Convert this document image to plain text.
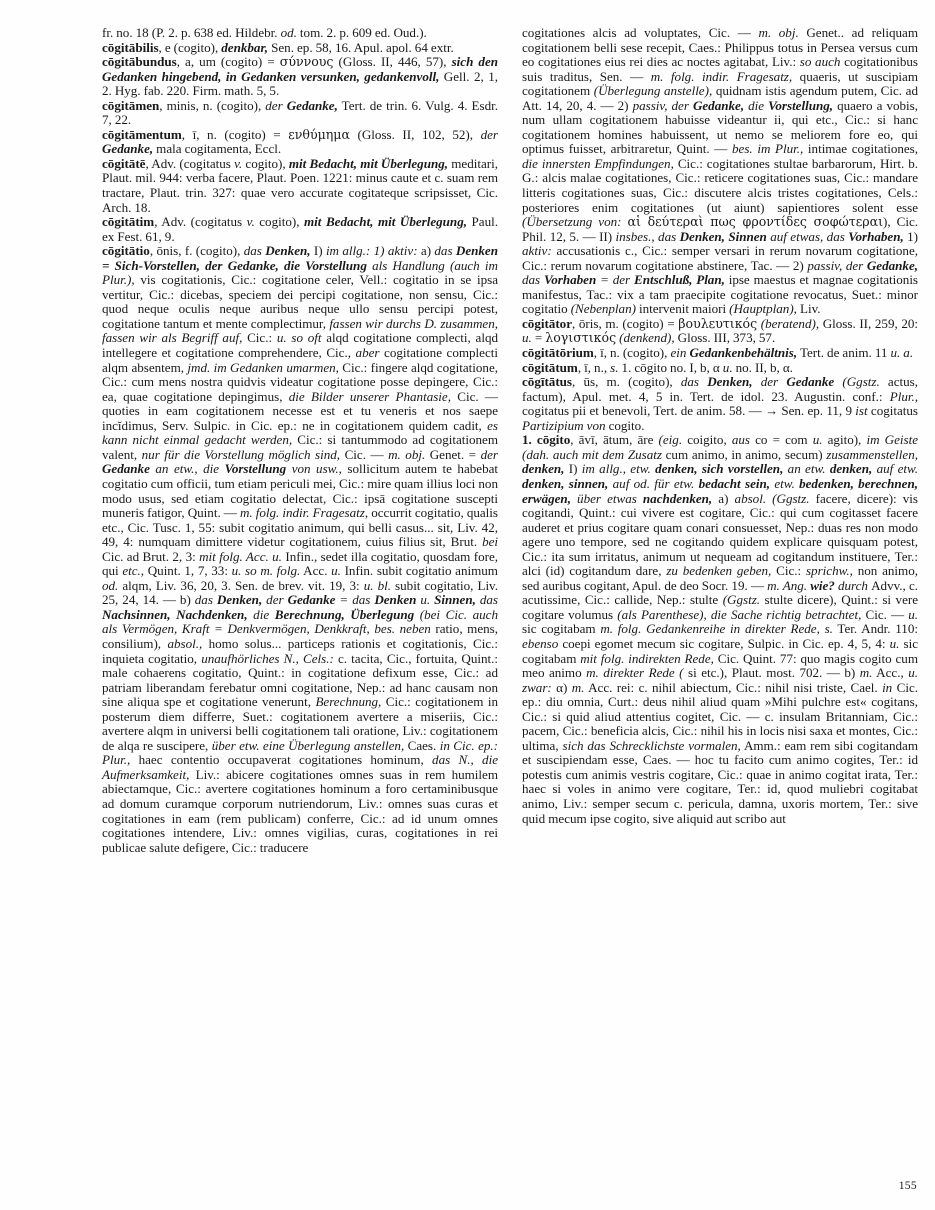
fr. no. 18 (P. 2. p. 638 ed. Hildebr. od. tom. 2. p. 609 ed. Oud.).

cōgitābilis, e (cogito), denkbar, Sen. ep. 58, 16. Apul. apol. 64 extr.

cōgitābundus, a, um (cogito) = σύννους (Gloss. II, 446, 57), sich den Gedanken hingebend, in Gedanken versunken, gedankenvoll, Gell. 2, 1, 2. Hyg. fab. 220. Firm. math. 5, 5.

cōgitāmen, minis, n. (cogito), der Gedanke, Tert. de trin. 6. Vulg. 4. Esdr. 7, 22.

cōgitāmentum, ī, n. (cogito) = ενθύμημα (Gloss. II, 102, 52), der Gedanke, mala cogitamenta, Eccl.

cōgitātē, Adv. (cogitatus v. cogito), mit Bedacht, mit Überlegung, meditari, Plaut. mil. 944: verba facere, Plaut. Poen. 1221: minus caute et c. suam rem tractare, Plaut. trin. 327: quae vero accurate cogitateque scripsisset, Cic. Arch. 18.

cōgitātim, Adv. (cogitatus v. cogito), mit Bedacht, mit Überlegung, Paul. ex Fest. 61, 9.

cōgitātio, ōnis, f. (cogito), das Denken, I) im allg.: 1) aktiv: a) das Denken = Sich-Vorstellen, der Gedanke, die Vorstellung als Handlung (auch im Plur.), vis cogitationis, Cic.: cogitatione celer, Vell.: cogitatio in se ipsa vertitur, Cic.: dicebas, speciem dei percipi cogitatione, non sensu, Cic.: quod neque oculis neque auribus neque ullo sensu percipi potest, cogitatione tantum et mente complectimur, fassen wir durchs D. zusammen, fassen wir als Begriff auf, Cic.: u. so oft alqd cogitatione complecti, alqd intellegere et cogitatione comprehendere, Cic., aber cogitatione complecti alqm absentem, jmd. im Gedanken umarmen, Cic.: fingere alqd cogitatione, Cic.: cum mens nostra quidvis videatur cogitatione posse depingere, Cic.: ea, quae cogitatione depingimus, die Bilder unserer Phantasie, Cic. — quoties in eam cogitationem necesse est et tu veneris et nos saepe incĭdimus, Serv. Sulpic. in Cic. ep.: ne in cogitationem quidem cadit, es kann nicht einmal gedacht werden, Cic.: si tantummodo ad cogitationem valent, nur für die Vorstellung möglich sind, Cic. — m. obj. Genet. = der Gedanke an etw., die Vorstellung von usw., sollicitum autem te habebat cogitatio cum officii, tum etiam periculi mei, Cic.: mire quam illius loci non modo usus, sed etiam cogitatio delectat, Cic.: ipsā cogitatione suscepti muneris fatigor, Quint. — m. folg. indir. Fragesatz, occurrit cogitatio, qualis etc., Cic. Tusc. 1, 55: subit cogitatio animum, qui belli casus... sit, Liv. 42, 49, 4: numquam dimittere videtur cogitationem, cuius filius sit, Brut. bei Cic. ad Brut. 2, 3: mit folg. Acc. u. Infin., sedet illa cogitatio, quosdam fore, qui etc., Quint. 1, 7, 33: u. so m. folg. Acc. u. Infin. subit cogitatio animum od. alqm, Liv. 36, 20, 3. Sen. de brev. vit. 19, 3: u. bl. subit cogitatio, Liv. 25, 24, 14. — b) das Denken, der Gedanke = das Denken u. Sinnen, das Nachsinnen, Nachdenken, die Berechnung, Überlegung (bei Cic. auch als Vermögen, Kraft = Denkvermögen, Denkkraft, bes. neben ratio, mens, consilium), absol., homo solus... particeps rationis et cogitationis, Cic.: inquieta cogitatio, unaufhörliches N., Cels.: c. tacita, Cic., fortuita, Quint.: male cohaerens cogitatio, Quint.: in cogitatione defixum esse, Cic.: ad patriam liberandam ferebatur omni cogitatione, Nep.: ad hanc causam non sine aliqua spe et cogitatione venerunt, Berechnung, Cic.: cogitationem in posterum diem differre, Suet.: cogitationem avertere a miseriis, Cic.: avertere alqm in universi belli cogitationem tali oratione, Liv.: cogitationem de alqa re suscipere, über etw. eine Überlegung anstellen, Caes. in Cic. ep.: Plur., haec contentio occupaverat cogitationes hominum, das N., die Aufmerksamkeit, Liv.: abicere cogitationes omnes suas in rem humilem abiectamque, Cic.: avertere cogitationes hominum a foro certaminibusque ad domum curamque corporum nutriendorum, Liv.: omnes suas curas et cogitationes in eam (rem publicam) conferre, Cic.: ad id unum omnes cogitationes intendere, Liv.: omnes vigilias, curas, cogitationes in rei publicae salute defigere, Cic.: traducere

cogitationes alcis ad voluptates, Cic. — m. obj. Genet.. ad reliquam cogitationem belli sese recepit, Caes.: Philippus totus in Persea versus cum eo cogitationes eius rei dies ac noctes agitabat, Liv.: so auch cogitationibus suis traditus, Sen. — m. folg. indir. Fragesatz, quaeris, ut suscipiam cogitationem (Überlegung anstelle), quidnam istis agendum putem, Cic. ad Att. 14, 20, 4. — 2) passiv, der Gedanke, die Vorstellung, quaero a vobis, num ullam cogitationem habuisse videantur ii, qui etc., Cic.: si hanc cogitationem homines habuissent, ut nemo se meliorem fore eo, qui optimus fuisset, arbitraretur, Quint. — bes. im Plur., intimae cogitationes, die innersten Empfindungen, Cic.: cogitationes stultae barbarorum, Hirt. b. G.: alcis malae cogitationes, Cic.: reticere cogitationes suas, Cic.: mandare litteris cogitationes suas, Cic.: discutere alcis tristes cogitationes, Cels.: posteriores enim cogitationes (ut aiunt) sapientiores solent esse (Übersetzung von: αἱ δεύτεραὶ πως φροντίδες σοφώτεραι), Cic. Phil. 12, 5. — II) insbes., das Denken, Sinnen auf etwas, das Vorhaben, 1) aktiv: accusationis c., Cic.: semper versari in rerum novarum cogitatione, Cic.: rerum novarum cogitatione abstinere, Tac. — 2) passiv, der Gedanke, das Vorhaben = der Entschluß, Plan, ipse maestus et magnae cogitationis manifestus, Tac.: vix a tam praecipite cogitatione revocatus, Suet.: minor cogitatio (Nebenplan) intervenit maiori (Hauptplan), Liv.

cōgitātor, ōris, m. (cogito) = βουλευτικός (beratend), Gloss. II, 259, 20: u. = λογιστικός (denkend), Gloss. III, 373, 57.

cōgitātōrium, ī, n. (cogito), ein Gedankenbehältnis, Tert. de anim. 11 u. a.

cōgitātum, ī, n., s. 1. cōgito no. I, b, α u. no. II, b, α.

cōgītātus, ūs, m. (cogito), das Denken, der Gedanke (Ggstz. actus, factum), Apul. met. 4, 5 in. Tert. de idol. 23. Augustin. conf.: Plur., cogitatus pii et benevoli, Tert. de anim. 58. — → Sen. ep. 11, 9 ist cogitatus Partizipium von cogito.

1. cōgito, āvī, ātum, āre (eig. coigito, aus co = com u. agito), im Geiste (dah. auch mit dem Zusatz cum animo, in animo, secum) zusammenstellen, denken, I) im allg., etw. denken, sich vorstellen, an etw. denken, auf etw. denken, sinnen, auf od. für etw. bedacht sein, etw. bedenken, berechnen, erwägen, über etwas nachdenken, a) absol. (Ggstz. facere, dicere): vis cogitandi, Quint.: cui vivere est cogitare, Cic.: qui cum cogitasset facere auderet et prius cogitare quam conari consuesset, Nep.: duas res non modo agere uno tempore, sed ne cogitando quidem explicare quisquam potest, Cic.: ita sum irritatus, animum ut nequeam ad cogitandum instituere, Ter.: alci (id) cogitandum dare, zu bedenken geben, Cic.: sprichw., non animo, sed auribus cogitant, Apul. de deo Socr. 19. — m. Ang. wie? durch Advv., c. acutissime, Cic.: callide, Nep.: stulte (Ggstz. stulte dicere), Quint.: si vere cogitare volumus (als Parenthese), die Sache richtig betrachtet, Cic. — u. sic cogitabam m. folg. Gedankenreihe in direkter Rede, s. Ter. Andr. 110: ebenso coepi egomet mecum sic cogitare, Sulpic. in Cic. ep. 4, 5, 4: u. sic cogitabam mit folg. indirekten Rede, Cic. Quint. 77: quo magis cogito cum meo animo m. direkter Rede ( si etc.), Plaut. most. 702. — b) m. Acc., u. zwar: α) m. Acc. rei: c. nihil abiectum, Cic.: nihil nisi triste, Cael. in Cic. ep.: diu omnia, Curt.: deus nihil aliud quam »Mihi pulchre est« cogitans, Cic.: si quid aliud attentius cogitet, Cic. — c. insulam Britanniam, Cic.: pacem, Cic.: beneficia alcis, Cic.: nihil his in locis nisi saxa et montes, Cic.: ultima, sich das Schrecklichste vormalen, Amm.: eam rem sibi cogitandam et suscipiendam esse, Caes. — hoc tu facito cum animo cogites, Ter.: id potestis cum animis vestris cogitare, Cic.: quae in animo cogitat irata, Ter.: haec si voles in animo vere cogitare, Ter.: id, quod muliebri cogitabat animo, Liv.: semper secum c. pericula, damna, uxoris mortem, Ter.: sive quid mecum ipse cogito, sive aliquid aut scribo aut

155
